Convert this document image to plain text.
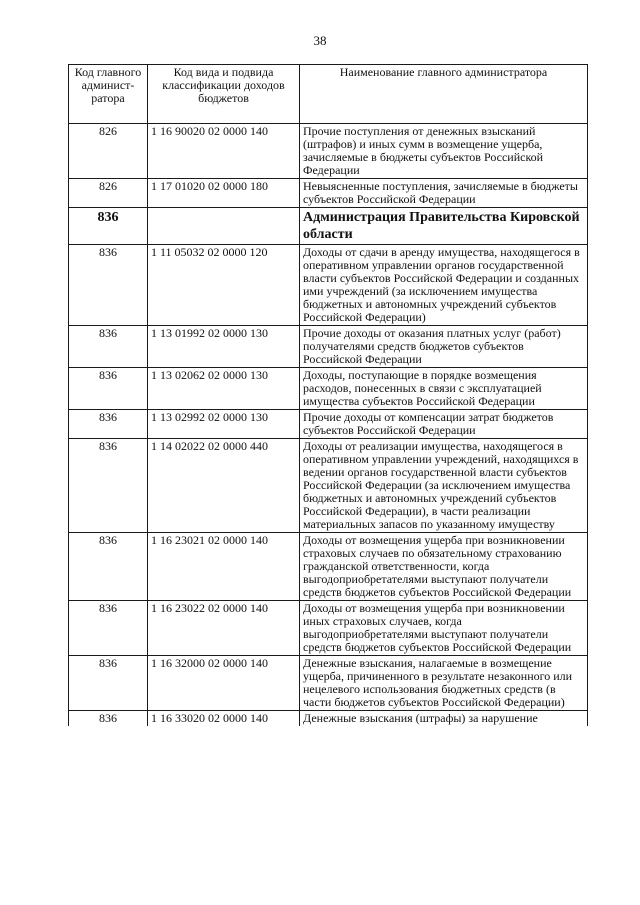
38
Код главного админист-ратора	Код вида и подвида классификации доходов бюджетов	Наименование главного администратора
826	1 16 90020 02 0000 140	Прочие поступления от денежных взысканий (штрафов) и иных сумм в возмещение ущерба, зачисляемые в бюджеты субъектов Российской Федерации
826	1 17 01020 02 0000 180	Невыясненные поступления, зачисляемые в бюджеты субъектов Российской Федерации
836		Администрация Правительства Кировской области
836	1 11 05032 02 0000 120	Доходы от сдачи в аренду имущества, находящегося в оперативном управлении органов государственной власти субъектов Российской Федерации и созданных ими учреждений (за исключением имущества бюджетных и автономных учреждений субъектов Российской Федерации)
836	1 13 01992 02 0000 130	Прочие доходы от оказания платных услуг (работ) получателями средств бюджетов субъектов Российской Федерации
836	1 13 02062 02 0000 130	Доходы, поступающие в порядке возмещения расходов, понесенных в связи с эксплуатацией имущества субъектов Российской Федерации
836	1 13 02992 02 0000 130	Прочие доходы от компенсации затрат бюджетов субъектов Российской Федерации
836	1 14 02022 02 0000 440	Доходы от реализации имущества, находящегося в оперативном управлении учреждений, находящихся в ведении органов государственной власти субъектов Российской Федерации (за исключением имущества бюджетных и автономных учреждений субъектов Российской Федерации), в части реализации материальных запасов по указанному имуществу
836	1 16 23021 02 0000 140	Доходы от возмещения ущерба при возникновении страховых случаев по обязательному страхованию гражданской ответственности, когда выгодоприобретателями выступают получатели средств бюджетов субъектов Российской Федерации
836	1 16 23022 02 0000 140	Доходы от возмещения ущерба при возникновении иных страховых случаев, когда выгодоприобретателями выступают получатели средств бюджетов субъектов Российской Федерации
836	1 16 32000 02 0000 140	Денежные взыскания, налагаемые в возмещение ущерба, причиненного в результате незаконного или нецелевого использования бюджетных средств (в части бюджетов субъектов Российской Федерации)
836	1 16 33020 02 0000 140	Денежные взыскания (штрафы) за нарушение
